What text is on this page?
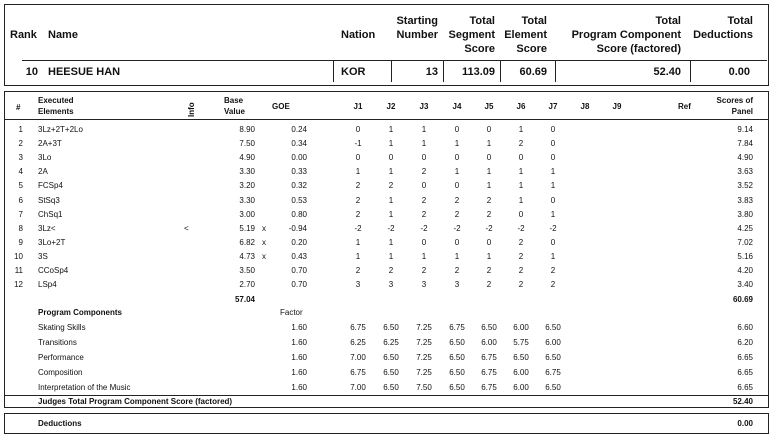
Rank Name	Nation
Starting
Number
Total
Segment
Score
Total
Element
Score
Total
Program Component
Score (factored)
Total
Deductions
10 HEESUE HAN	KOR	13	113.09	60.69	52.40	0.00
#
Executed
Elements	Info
Base
Value
GOE	J1	J2	J3	J4	J5	J6	J7	J8	J9	Ref
Scores of
Panel
1 3Lz+2T+2Lo	8.90	0.24	0	1	1	0	0	1	0	9.14
2 2A+3T	7.50	0.34	-1	1	1	1	1	2	0	7.84
3 3Lo	4.90	0.00	0	0	0	0	0	0	0	4.90
4 2A	3.30	0.33	1	1	2	1	1	1	1	3.63
5 FCSp4	3.20	0.32	2	2	0	0	1	1	1	3.52
6 StSq3	3.30	0.53	2	1	2	2	2	1	0	3.83
7 ChSq1	3.00	0.80	2	1	2	2	2	0	1	3.80
8 3Lz<	<	5.19 x	-0.94	-2	-2	-2	-2	-2	-2	-2	4.25
9 3Lo+2T	6.82 x	0.20	1	1	0	0	0	2	0	7.02
10 3S	4.73 x	0.43	1	1	1	1	1	2	1	5.16
11 CCoSp4	3.50	0.70	2	2	2	2	2	2	2	4.20
12 LSp4	2.70	0.70	3	3	3	3	2	2	2	3.40
57.04	60.69
Program Components	Factor
Skating Skills	1.60	6.75	6.50	7.25	6.75	6.50	6.00	6.50	6.60
Transitions	1.60	6.25	6.25	7.25	6.50	6.00	5.75	6.00	6.20
Performance	1.60	7.00	6.50	7.25	6.50	6.75	6.50	6.50	6.65
Composition	1.60	6.75	6.50	7.25	6.50	6.75	6.00	6.75	6.65
Interpretation of the Music	1.60	7.00	6.50	7.50	6.50	6.75	6.00	6.50	6.65
Judges Total Program Component Score (factored)	52.40
Deductions	0.00
